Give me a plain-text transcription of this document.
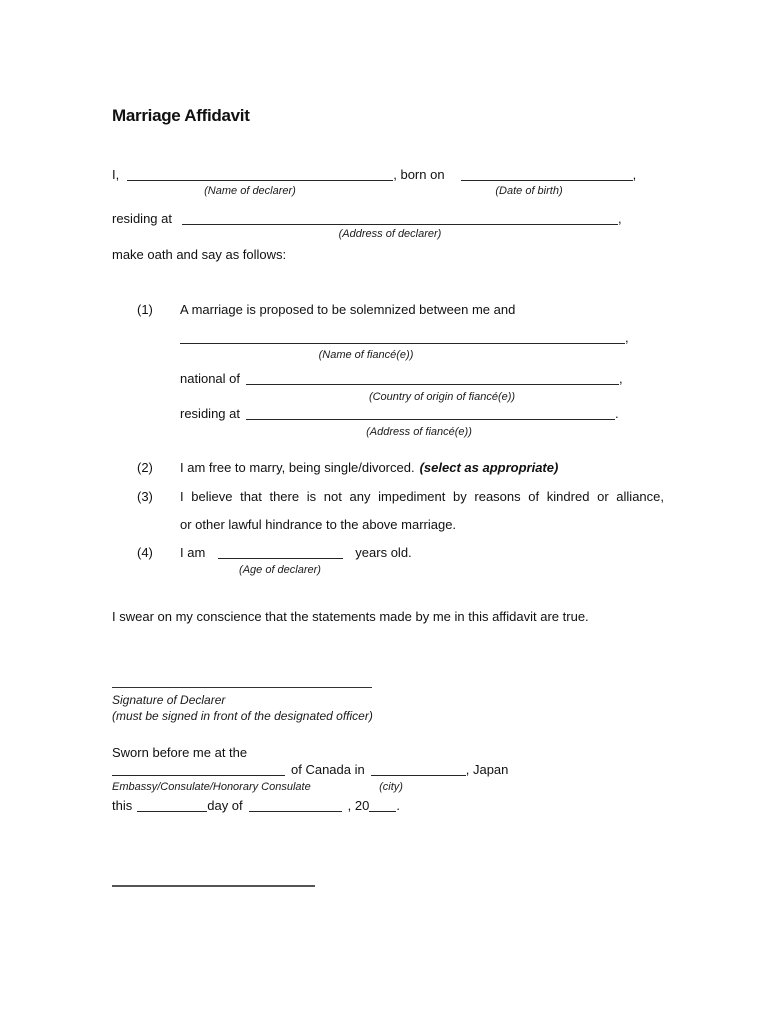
Marriage Affidavit
I,	, born on	,
(Name of declarer)	(Date of birth)
residing at	,
(Address of declarer)
make oath and say as follows:
(1) A marriage is proposed to be solemnized between me and
,
(Name of fiancé(e))
national of	,
(Country of origin of fiancé(e))
residing at	.
(Address of fiancé(e))
(2) I am free to marry, being single/divorced. (select as appropriate)
(3) I believe that there is not any impediment by reasons of kindred or alliance,
or other lawful hindrance to the above marriage.
(4) I am	years old.
(Age of declarer)
I swear on my conscience that the statements made by me in this affidavit are true.
Signature of Declarer
(must be signed in front of the designated officer)
Sworn before me at the
of Canada in	, Japan
Embassy/Consulate/Honorary Consulate	(city)
this	day of	, 20 .
